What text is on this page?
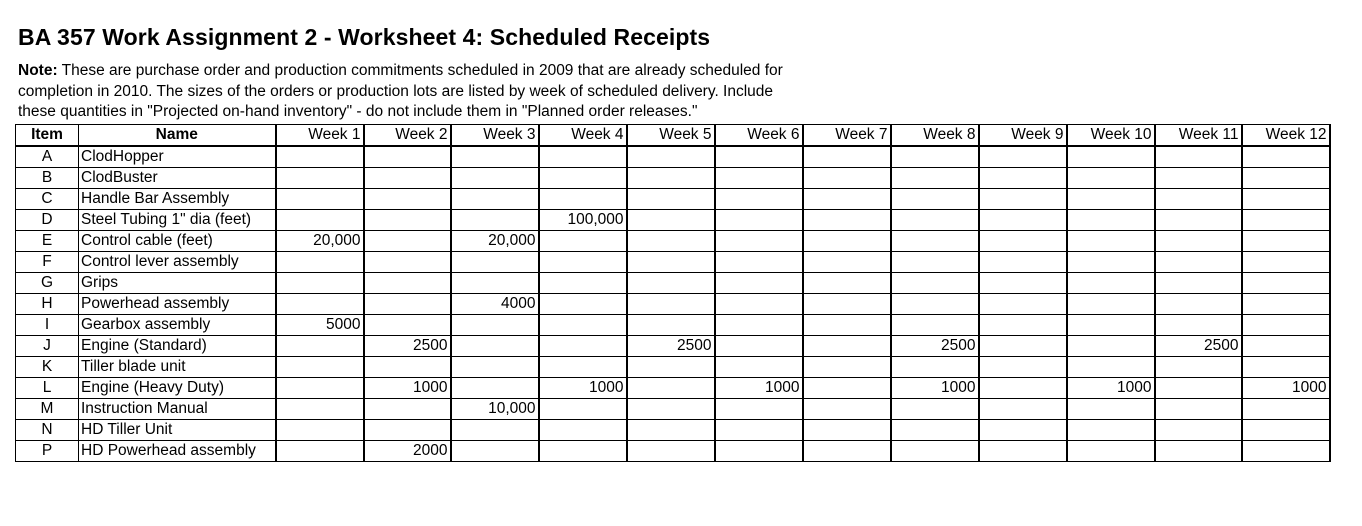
BA 357 Work Assignment 2 - Worksheet 4: Scheduled Receipts
Note: These are purchase order and production commitments scheduled in 2009 that are already scheduled for
completion in 2010. The sizes of the orders or production lots are listed by week of scheduled delivery. Include
these quantities in "Projected on-hand inventory" - do not include them in "Planned order releases."
Item	Name	Week 1	Week 2	Week 3	Week 4	Week 5	Week 6	Week 7	Week 8	Week 9	Week 10	Week 11	Week 12
A	ClodHopper												
B	ClodBuster												
C	Handle Bar Assembly												
D	Steel Tubing 1" dia (feet)				100,000								
E	Control cable (feet)	20,000		20,000									
F	Control lever assembly												
G	Grips												
H	Powerhead assembly			4000									
I	Gearbox assembly	5000											
J	Engine (Standard)		2500			2500			2500			2500	
K	Tiller blade unit												
L	Engine (Heavy Duty)		1000		1000		1000		1000		1000		1000
M	Instruction Manual			10,000									
N	HD Tiller Unit												
P	HD Powerhead assembly		2000										
